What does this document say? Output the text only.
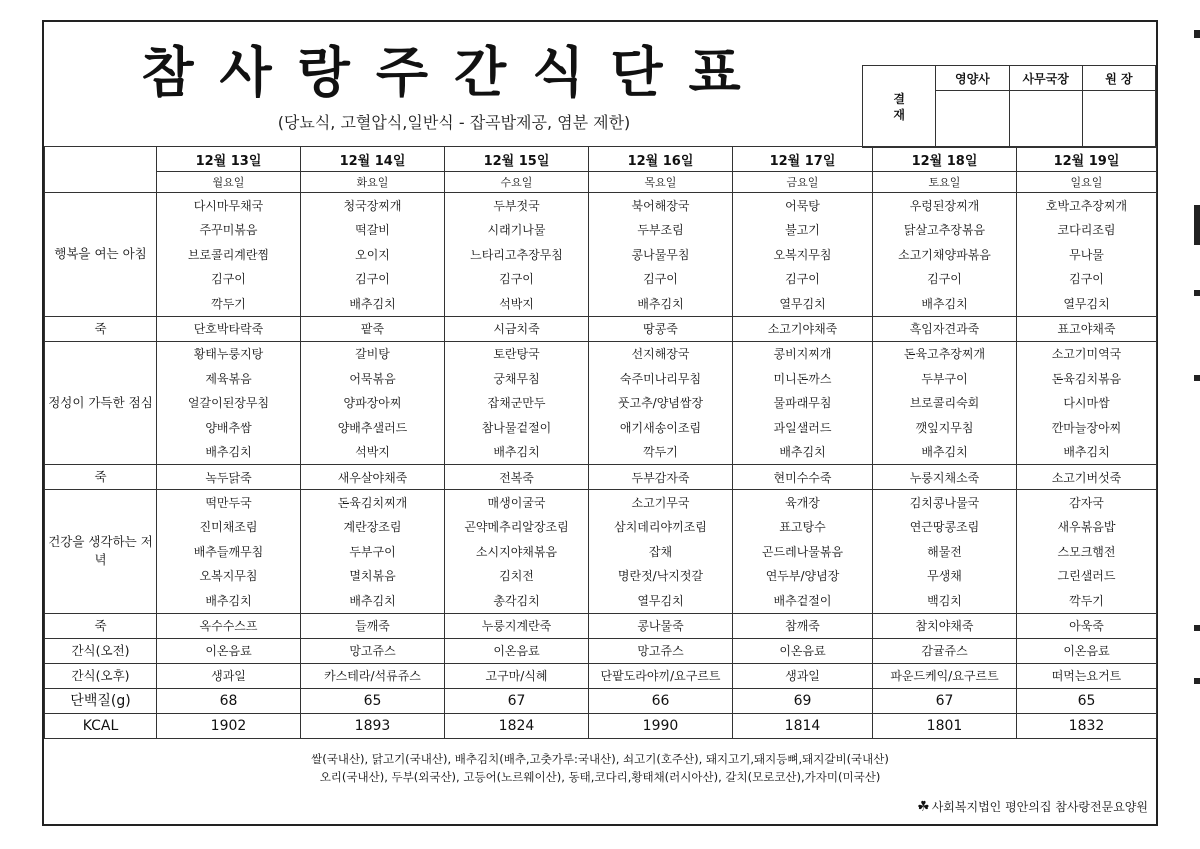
참사랑주간식단표
(당뇨식, 고혈압식,일반식 - 잡곡밥제공, 염분 제한)
결
재	영양사	사무국장	원 장

	12월 13일	12월 14일	12월 15일	12월 16일	12월 17일	12월 18일	12월 19일
	월요일	화요일	수요일	목요일	금요일	토요일	일요일
행복을 여는 아침	다시마무채국	청국장찌개	두부젓국	북어해장국	어묵탕	우렁된장찌개	호박고추장찌개
	주꾸미볶음	떡갈비	시래기나물	두부조림	불고기	닭살고추장볶음	코다리조림
	브로콜리계란찜	오이지	느타리고추장무침	콩나물무침	오복지무침	소고기채양파볶음	무나물
	김구이	김구이	김구이	김구이	김구이	김구이	김구이
	깍두기	배추김치	석박지	배추김치	열무김치	배추김치	열무김치
죽	단호박타락죽	팥죽	시금치죽	땅콩죽	소고기야채죽	흑임자견과죽	표고야채죽
정성이 가득한 점심	황태누룽지탕	갈비탕	토란탕국	선지해장국	콩비지찌개	돈육고추장찌개	소고기미역국
	제육볶음	어묵볶음	궁채무침	숙주미나리무침	미니돈까스	두부구이	돈육김치볶음
	얼갈이된장무침	양파장아찌	잡채군만두	풋고추/양념쌈장	물파래무침	브로콜리숙회	다시마쌈
	양배추쌈	양배추샐러드	참나물겉절이	애기새송이조림	과일샐러드	깻잎지무침	깐마늘장아찌
	배추김치	석박지	배추김치	깍두기	배추김치	배추김치	배추김치
죽	녹두닭죽	새우살야채죽	전복죽	두부감자죽	현미수수죽	누룽지채소죽	소고기버섯죽
건강을 생각하는 저녁	떡만두국	돈육김치찌개	매생이굴국	소고기무국	육개장	김치콩나물국	감자국
	진미채조림	계란장조림	곤약메추리알장조림	삼치데리야끼조림	표고탕수	연근땅콩조림	새우볶음밥
	배추들깨무침	두부구이	소시지야채볶음	잡채	곤드레나물볶음	해물전	스모크햄전
	오복지무침	멸치볶음	김치전	명란젓/낙지젓갈	연두부/양념장	무생채	그린샐러드
	배추김치	배추김치	총각김치	열무김치	배추겉절이	백김치	깍두기
죽	옥수수스프	들깨죽	누룽지계란죽	콩나물죽	참깨죽	참치야채죽	아욱죽
간식(오전)	이온음료	망고쥬스	이온음료	망고쥬스	이온음료	감귤쥬스	이온음료
간식(오후)	생과일	카스테라/석류쥬스	고구마/식혜	단팥도라야끼/요구르트	생과일	파운드케익/요구르트	떠먹는요거트
단백질(g)	68	65	67	66	69	67	65
KCAL	1902	1893	1824	1990	1814	1801	1832
쌀(국내산), 닭고기(국내산), 배추김치(배추,고춧가루:국내산), 쇠고기(호주산), 돼지고기,돼지등뼈,돼지갈비(국내산)
오리(국내산), 두부(외국산), 고등어(노르웨이산), 동태,코다리,황태채(러시아산), 갈치(모로코산),가자미(미국산)
☘ 사회복지법인 평안의집 참사랑전문요양원
